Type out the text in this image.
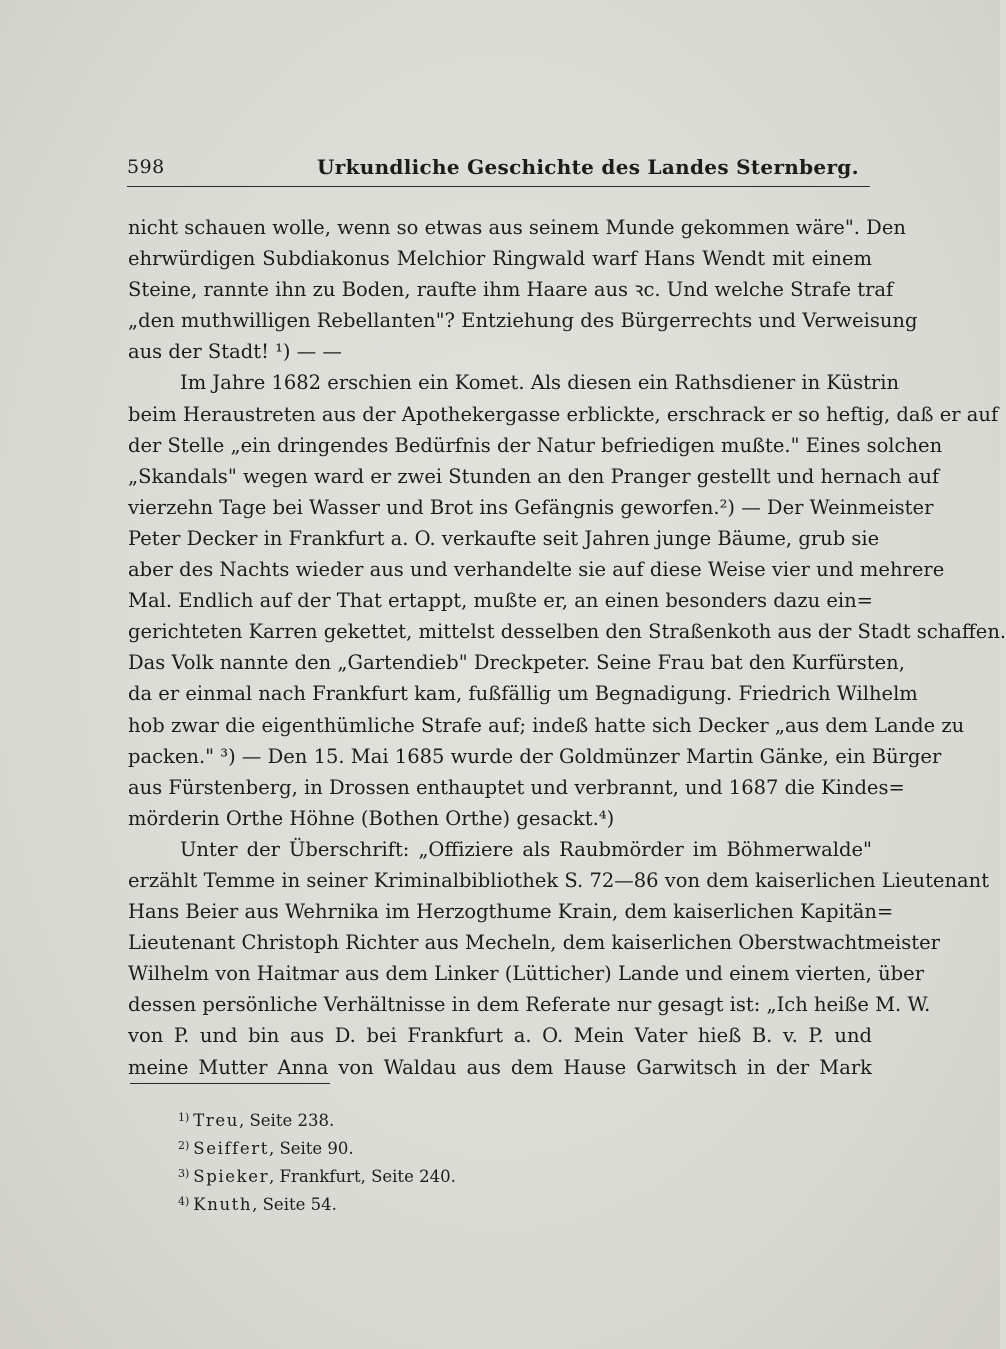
598	Urkundliche Geschichte des Landes Sternberg.
nicht schauen wolle, wenn so etwas aus seinem Munde gekommen wäre". Den
ehrwürdigen Subdiakonus Melchior Ringwald warf Hans Wendt mit einem
Steine, rannte ihn zu Boden, raufte ihm Haare aus ꝛc. Und welche Strafe traf
„den muthwilligen Rebellanten"? Entziehung des Bürgerrechts und Verweisung
aus der Stadt! ¹) — —
Im Jahre 1682 erschien ein Komet. Als diesen ein Rathsdiener in Küstrin
beim Heraustreten aus der Apothekergasse erblickte, erschrack er so heftig, daß er auf
der Stelle „ein dringendes Bedürfnis der Natur befriedigen mußte." Eines solchen
„Skandals" wegen ward er zwei Stunden an den Pranger gestellt und hernach auf
vierzehn Tage bei Wasser und Brot ins Gefängnis geworfen.²) — Der Weinmeister
Peter Decker in Frankfurt a. O. verkaufte seit Jahren junge Bäume, grub sie
aber des Nachts wieder aus und verhandelte sie auf diese Weise vier und mehrere
Mal. Endlich auf der That ertappt, mußte er, an einen besonders dazu ein=
gerichteten Karren gekettet, mittelst desselben den Straßenkoth aus der Stadt schaffen.
Das Volk nannte den „Gartendieb" Dreckpeter. Seine Frau bat den Kurfürsten,
da er einmal nach Frankfurt kam, fußfällig um Begnadigung. Friedrich Wilhelm
hob zwar die eigenthümliche Strafe auf; indeß hatte sich Decker „aus dem Lande zu
packen." ³) — Den 15. Mai 1685 wurde der Goldmünzer Martin Gänke, ein Bürger
aus Fürstenberg, in Drossen enthauptet und verbrannt, und 1687 die Kindes=
mörderin Orthe Höhne (Bothen Orthe) gesackt.⁴)
Unter der Überschrift: „Offiziere als Raubmörder im Böhmerwalde"
erzählt Temme in seiner Kriminalbibliothek S. 72—86 von dem kaiserlichen Lieutenant
Hans Beier aus Wehrnika im Herzogthume Krain, dem kaiserlichen Kapitän=
Lieutenant Christoph Richter aus Mecheln, dem kaiserlichen Oberstwachtmeister
Wilhelm von Haitmar aus dem Linker (Lütticher) Lande und einem vierten, über
dessen persönliche Verhältnisse in dem Referate nur gesagt ist: „Ich heiße M. W.
von P. und bin aus D. bei Frankfurt a. O. Mein Vater hieß B. v. P. und
meine Mutter Anna von Waldau aus dem Hause Garwitsch in der Mark
$^{1)}$ Treu, Seite 238.
$^{2)}$ Seiffert, Seite 90.
$^{3)}$ Spieker, Frankfurt, Seite 240.
$^{4)}$ Knuth, Seite 54.
